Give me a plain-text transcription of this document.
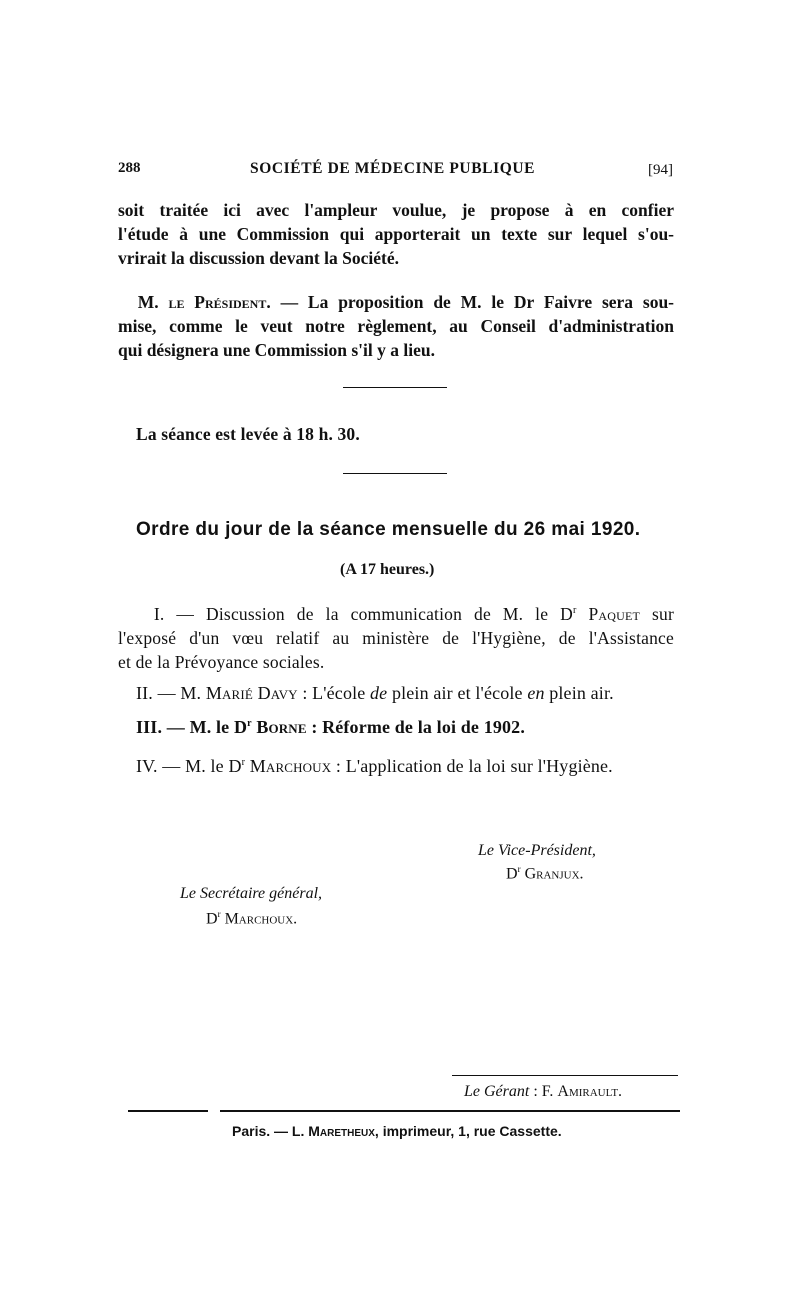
288	SOCIÉTÉ DE MÉDECINE PUBLIQUE	[94]
soit traitée ici avec l'ampleur voulue, je propose à en confier
l'étude à une Commission qui apporterait un texte sur lequel s'ou-
vrirait la discussion devant la Société.
M. le Président. — La proposition de M. le Dr Faivre sera sou-
mise, comme le veut notre règlement, au Conseil d'administration
qui désignera une Commission s'il y a lieu.
La séance est levée à 18 h. 30.
Ordre du jour de la séance mensuelle du 26 mai 1920.
(A 17 heures.)
I. — Discussion de la communication de M. le $D^r$ Paquet sur
l'exposé d'un vœu relatif au ministère de l'Hygiène, de l'Assistance
et de la Prévoyance sociales.
II. — M. Marié Davy : L'école de plein air et l'école en plein air.
III. — M. le $D^r$ Borne : Réforme de la loi de 1902.
IV. — M. le $D^r$ Marchoux : L'application de la loi sur l'Hygiène.
Le Vice-Président,
$D^r$ Granjux.
Le Secrétaire général,
$D^r$ Marchoux.
Le Gérant : F. Amirault.
Paris. — L. Maretheux, imprimeur, 1, rue Cassette.
